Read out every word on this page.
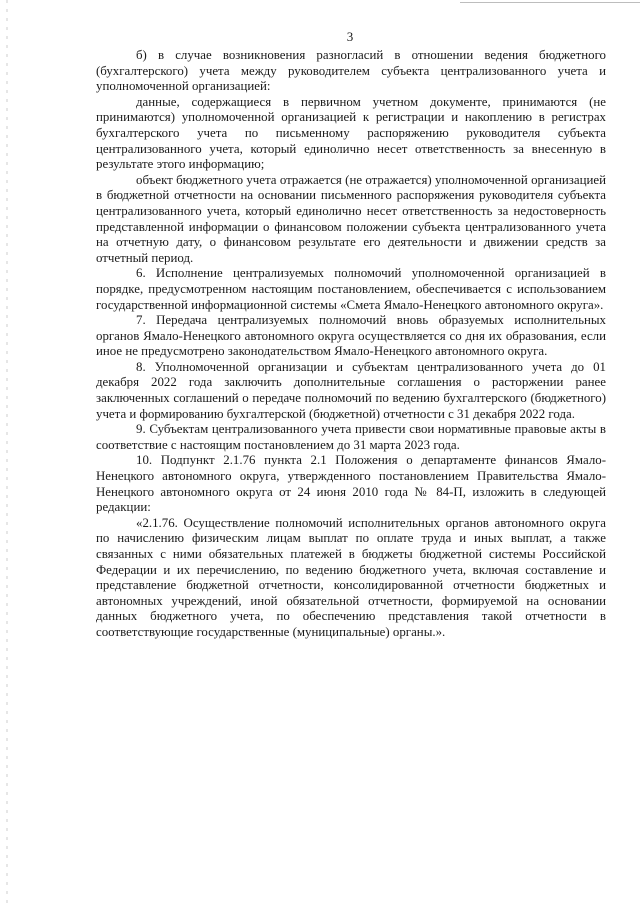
3

б) в случае возникновения разногласий в отношении ведения бюджетного (бухгалтерского) учета между руководителем субъекта централизованного учета и уполномоченной организацией:

данные, содержащиеся в первичном учетном документе, принимаются (не принимаются) уполномоченной организацией к регистрации и накоплению в регистрах бухгалтерского учета по письменному распоряжению руководителя субъекта централизованного учета, который единолично несет ответственность за внесенную в результате этого информацию;

объект бюджетного учета отражается (не отражается) уполномоченной организацией в бюджетной отчетности на основании письменного распоряжения руководителя субъекта централизованного учета, который единолично несет ответственность за недостоверность представленной информации о финансовом положении субъекта централизованного учета на отчетную дату, о финансовом результате его деятельности и движении средств за отчетный период.

6. Исполнение централизуемых полномочий уполномоченной организацией в порядке, предусмотренном настоящим постановлением, обеспечивается с использованием государственной информационной системы «Смета Ямало-Ненецкого автономного округа».

7. Передача централизуемых полномочий вновь образуемых исполнительных органов Ямало-Ненецкого автономного округа осуществляется со дня их образования, если иное не предусмотрено законодательством Ямало-Ненецкого автономного округа.

8. Уполномоченной организации и субъектам централизованного учета до 01 декабря 2022 года заключить дополнительные соглашения о расторжении ранее заключенных соглашений о передаче полномочий по ведению бухгалтерского (бюджетного) учета и формированию бухгалтерской (бюджетной) отчетности с 31 декабря 2022 года.

9. Субъектам централизованного учета привести свои нормативные правовые акты в соответствие с настоящим постановлением до 31 марта 2023 года.

10. Подпункт 2.1.76 пункта 2.1 Положения о департаменте финансов Ямало-Ненецкого автономного округа, утвержденного постановлением Правительства Ямало-Ненецкого автономного округа от 24 июня 2010 года № 84-П, изложить в следующей редакции:

«2.1.76. Осуществление полномочий исполнительных органов автономного округа по начислению физическим лицам выплат по оплате труда и иных выплат, а также связанных с ними обязательных платежей в бюджеты бюджетной системы Российской Федерации и их перечислению, по ведению бюджетного учета, включая составление и представление бюджетной отчетности, консолидированной отчетности бюджетных и автономных учреждений, иной обязательной отчетности, формируемой на основании данных бюджетного учета, по обеспечению представления такой отчетности в соответствующие государственные (муниципальные) органы.».
